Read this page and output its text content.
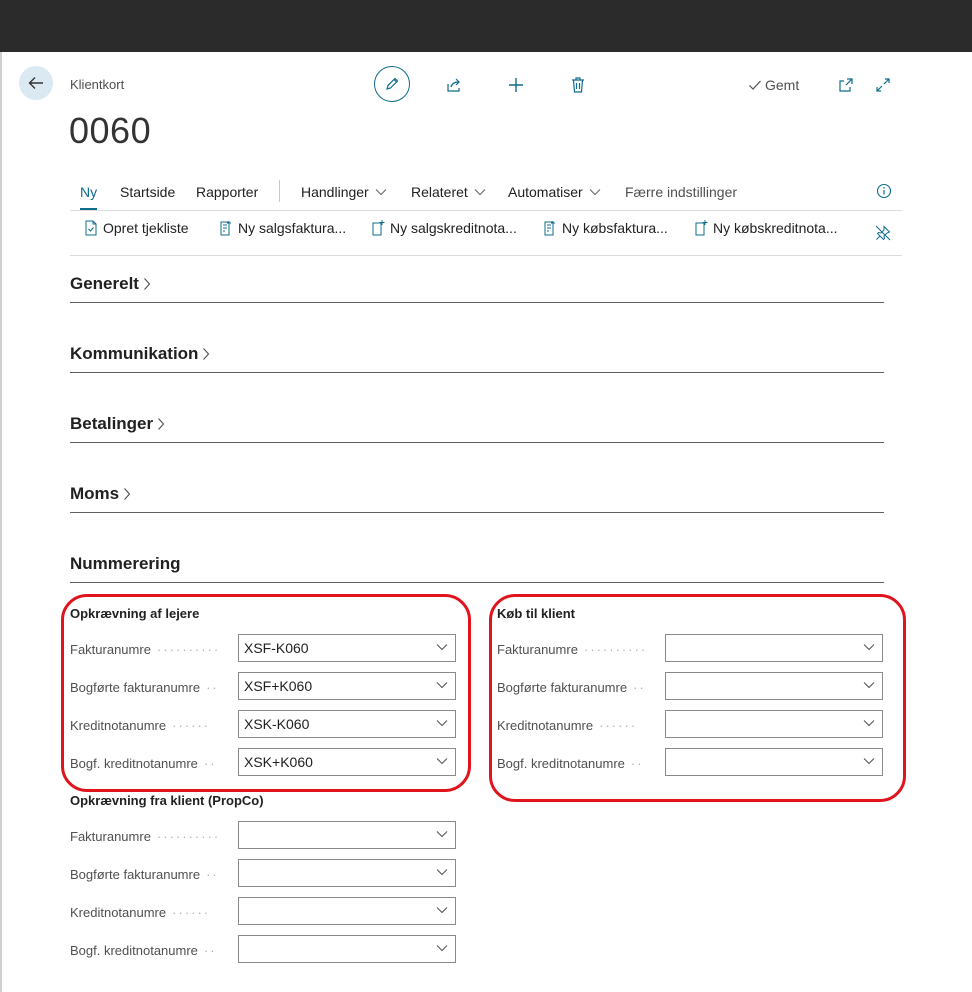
Klientkort
0060
Gemt
Ny Startside Rapporter	Handlinger	Relateret	Automatiser	Færre indstillinger
Opret tjekliste	Ny salgsfaktura...	Ny salgskreditnota...	Ny købsfaktura...	Ny købskreditnota...
Generelt
Kommunikation
Betalinger
Moms
Nummerering
Opkrævning af lejere
Fakturanumre ··········	XSF-K060
Bogførte fakturanumre ··	XSF+K060
Kreditnotanumre ······	XSK-K060
Bogf. kreditnotanumre ··	XSK+K060
Opkrævning fra klient (PropCo)
Fakturanumre ··········
Bogførte fakturanumre ··
Kreditnotanumre ······
Bogf. kreditnotanumre ··
Køb til klient
Fakturanumre ··········
Bogførte fakturanumre ··
Kreditnotanumre ······
Bogf. kreditnotanumre ··
